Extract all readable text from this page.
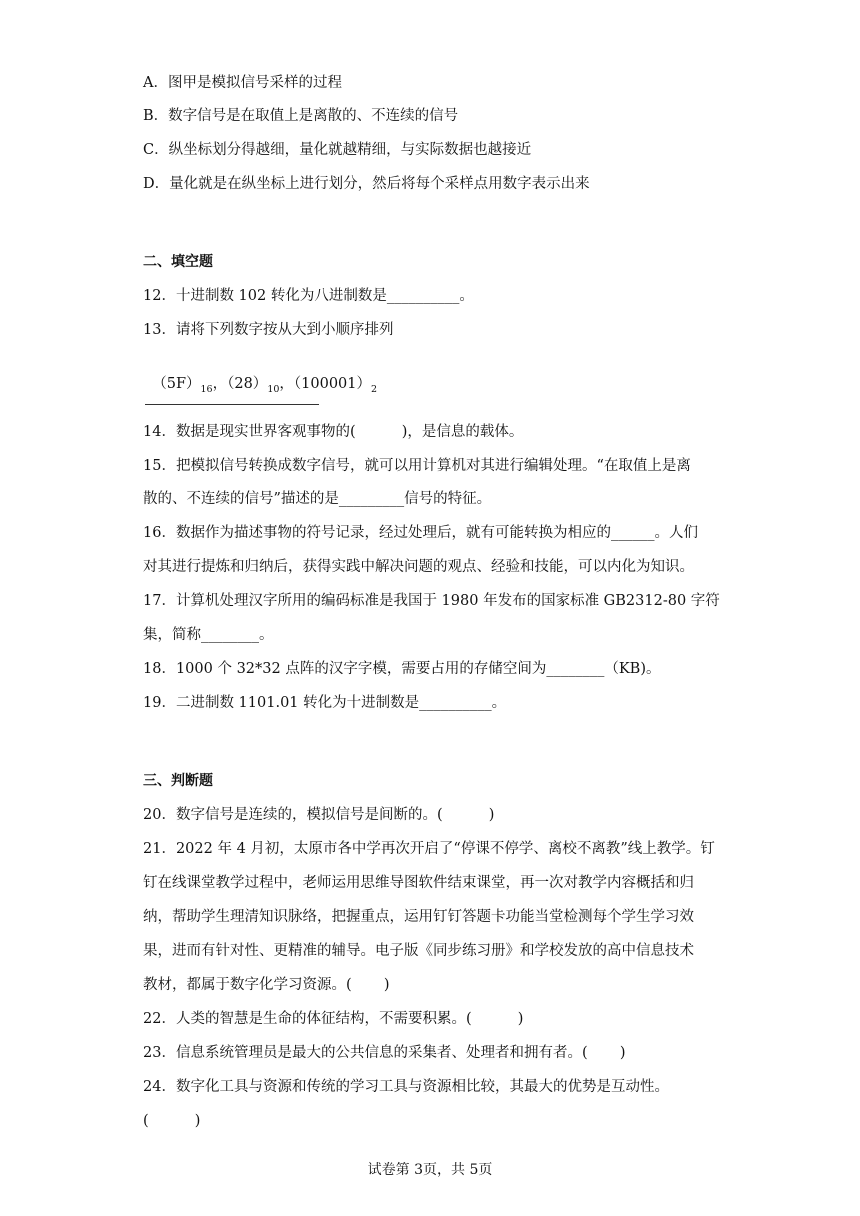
A．图甲是模拟信号采样的过程
B．数字信号是在取值上是离散的、不连续的信号
C．纵坐标划分得越细，量化就越精细，与实际数据也越接近
D．量化就是在纵坐标上进行划分，然后将每个采样点用数字表示出来
二、填空题
12．十进制数 102 转化为八进制数是__________。
13．请将下列数字按从大到小顺序排列

$(5F)_{16}$，$(28)_{10}$，$(100001)_2$

14．数据是现实世界客观事物的(          )，是信息的载体。
15．把模拟信号转换成数字信号，就可以用计算机对其进行编辑处理。“在取值上是离
散的、不连续的信号”描述的是_________信号的特征。
16．数据作为描述事物的符号记录，经过处理后，就有可能转换为相应的______。人们
对其进行提炼和归纳后，获得实践中解决问题的观点、经验和技能，可以内化为知识。
17．计算机处理汉字所用的编码标准是我国于 1980 年发布的国家标准 GB2312-80 字符
集，简称________。
18．1000 个 32*32 点阵的汉字字模，需要占用的存储空间为________（KB)。
19．二进制数 1101.01 转化为十进制数是__________。
三、判断题
20．数字信号是连续的，模拟信号是间断的。(          )
21．2022 年 4 月初，太原市各中学再次开启了“停课不停学、离校不离教”线上教学。钉
钉在线课堂教学过程中，老师运用思维导图软件结束课堂，再一次对教学内容概括和归
纳，帮助学生理清知识脉络，把握重点，运用钉钉答题卡功能当堂检测每个学生学习效
果，进而有针对性、更精准的辅导。电子版《同步练习册》和学校发放的高中信息技术
教材，都属于数字化学习资源。(       )
22．人类的智慧是生命的体征结构，不需要积累。(          )
23．信息系统管理员是最大的公共信息的采集者、处理者和拥有者。(       )
24．数字化工具与资源和传统的学习工具与资源相比较，其最大的优势是互动性。
(          )
试卷第 3页，共 5页
